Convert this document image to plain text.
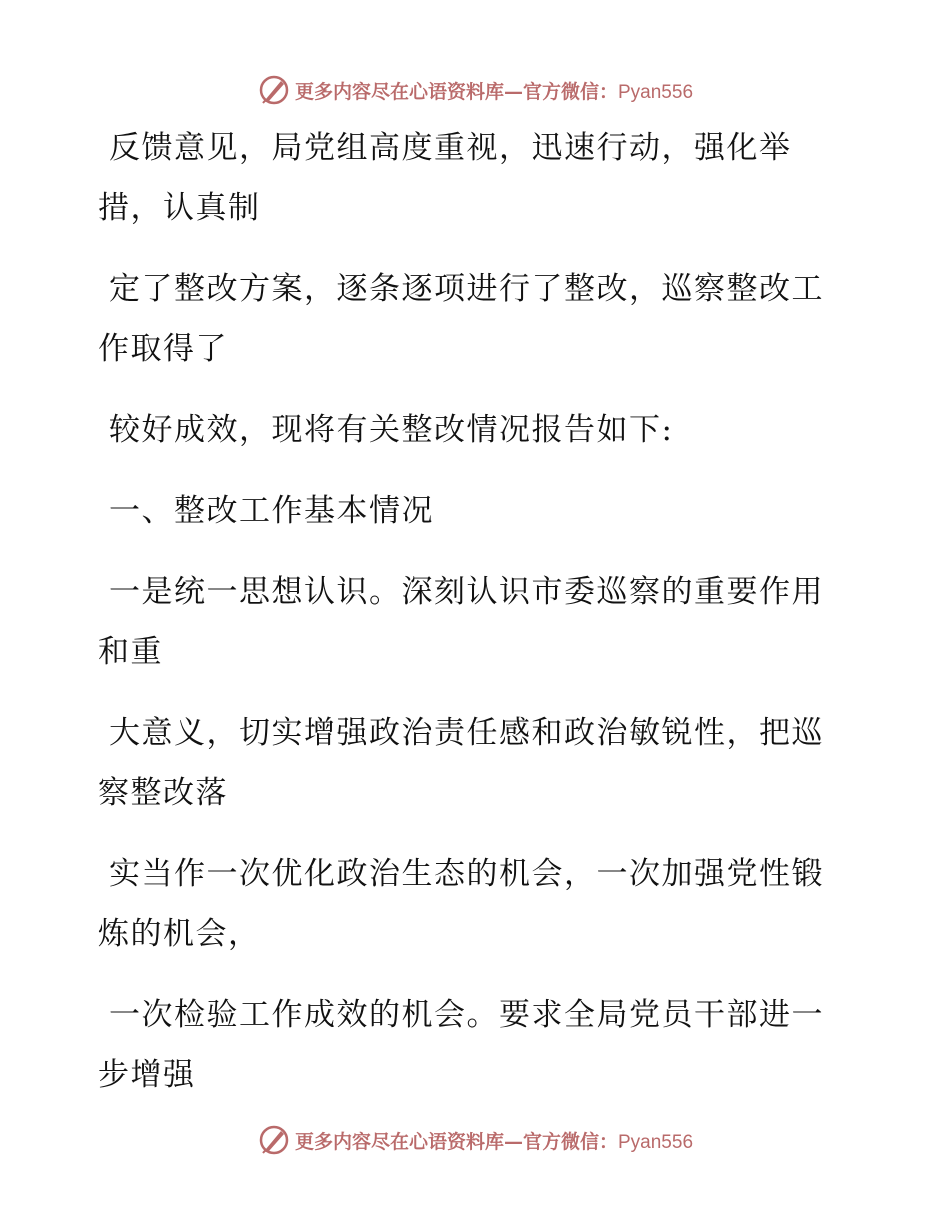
更多内容尽在心语资料库—官方微信：Pyan556

反馈意见，局党组高度重视，迅速行动，强化举措，认真制

定了整改方案，逐条逐项进行了整改，巡察整改工作取得了

较好成效，现将有关整改情况报告如下:

一、整改工作基本情况

一是统一思想认识。深刻认识市委巡察的重要作用和重

大意义，切实增强政治责任感和政治敏锐性，把巡察整改落

实当作一次优化政治生态的机会，一次加强党性锻炼的机会，

一次检验工作成效的机会。要求全局党员干部进一步增强

更多内容尽在心语资料库—官方微信：Pyan556
